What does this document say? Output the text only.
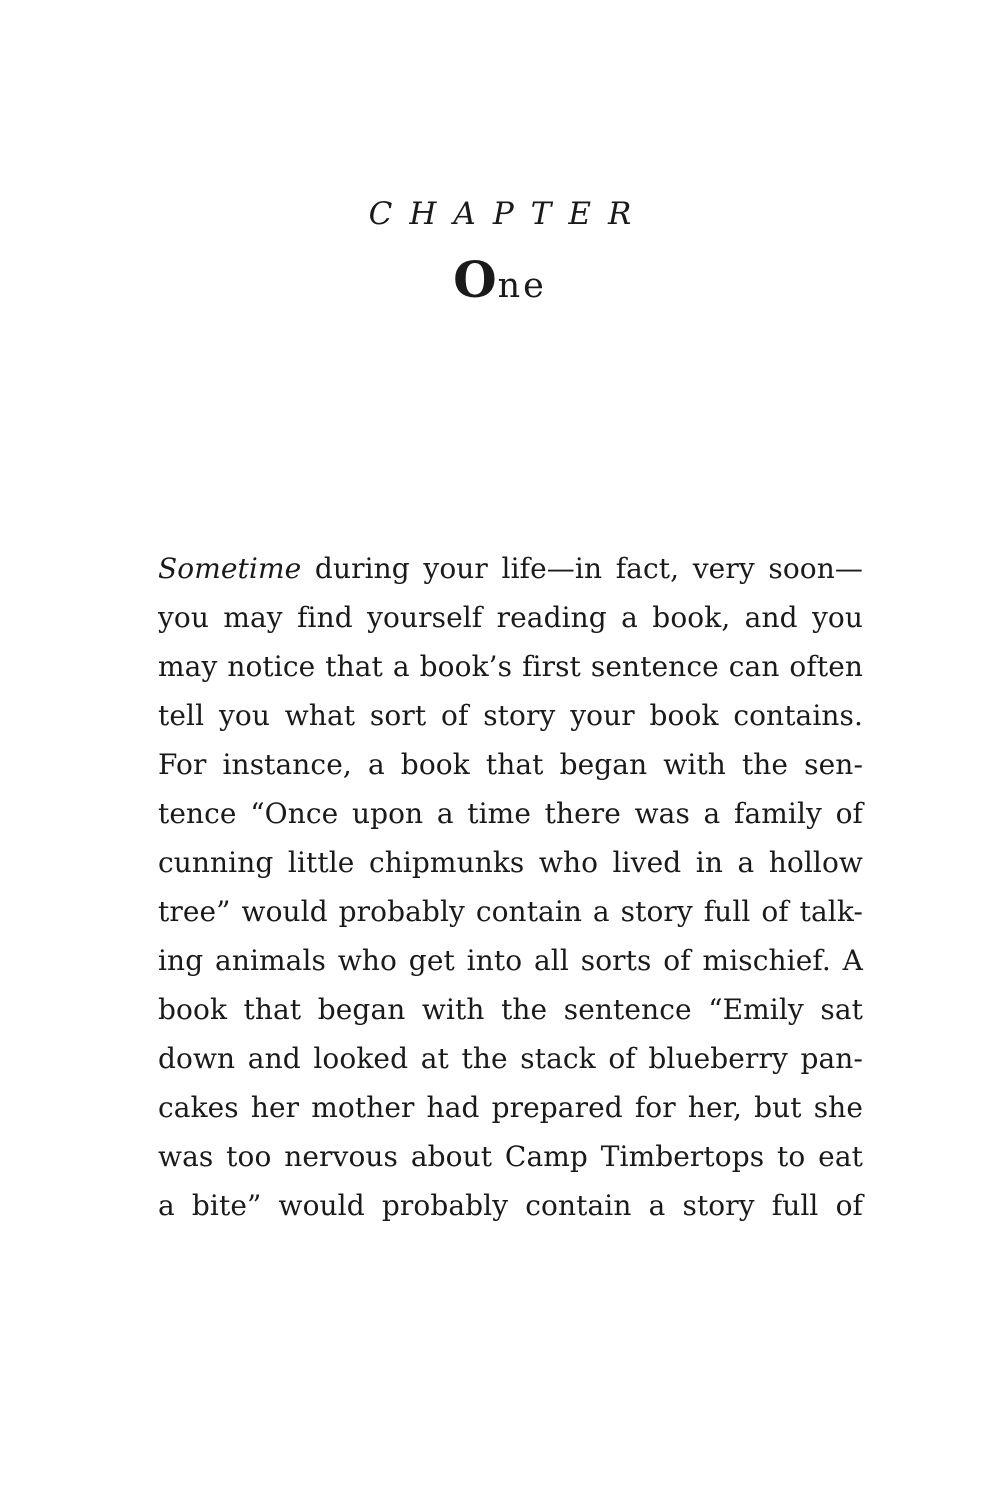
CHAPTER
One
Sometime during your life—in fact, very soon—
you may find yourself reading a book, and you
may notice that a book’s first sentence can often
tell you what sort of story your book contains.
For instance, a book that began with the sen-
tence “Once upon a time there was a family of
cunning little chipmunks who lived in a hollow
tree” would probably contain a story full of talk-
ing animals who get into all sorts of mischief. A
book that began with the sentence “Emily sat
down and looked at the stack of blueberry pan-
cakes her mother had prepared for her, but she
was too nervous about Camp Timbertops to eat
a bite” would probably contain a story full of
